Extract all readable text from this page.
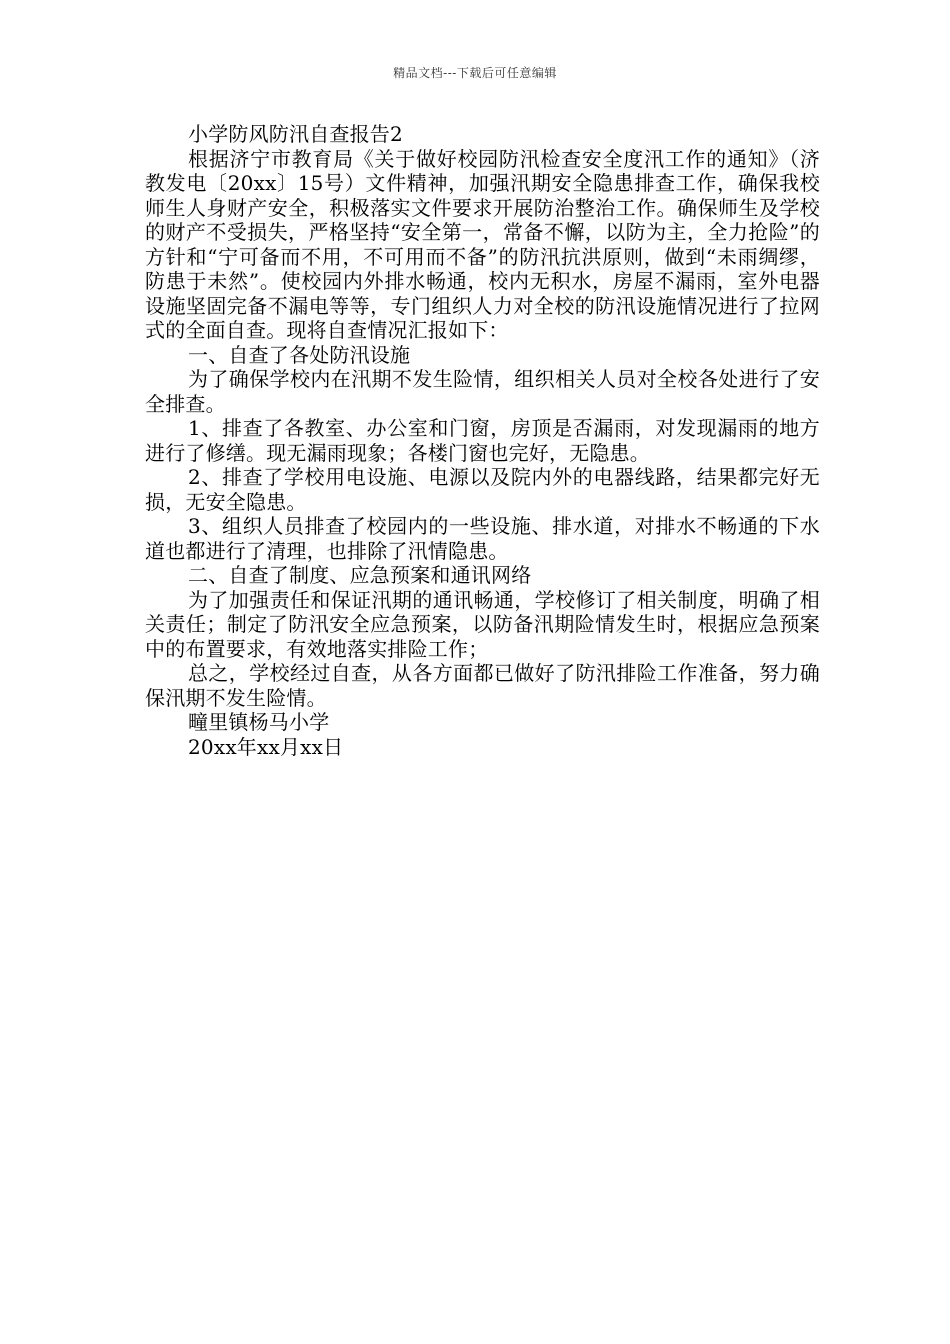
精品文档---下载后可任意编辑

小学防风防汛自查报告2

根据济宁市教育局《关于做好校园防汛检查安全度汛工作的通知》（济教发电〔20xx〕15号）文件精神，加强汛期安全隐患排查工作，确保我校师生人身财产安全，积极落实文件要求开展防治整治工作。确保师生及学校的财产不受损失，严格坚持“安全第一，常备不懈，以防为主，全力抢险”的方针和“宁可备而不用，不可用而不备”的防汛抗洪原则，做到“未雨绸缪，防患于未然”。使校园内外排水畅通，校内无积水，房屋不漏雨，室外电器设施坚固完备不漏电等等，专门组织人力对全校的防汛设施情况进行了拉网式的全面自查。现将自查情况汇报如下：

一、自查了各处防汛设施

为了确保学校内在汛期不发生险情，组织相关人员对全校各处进行了安全排查。

1、排查了各教室、办公室和门窗，房顶是否漏雨，对发现漏雨的地方进行了修缮。现无漏雨现象；各楼门窗也完好，无隐患。

2、排查了学校用电设施、电源以及院内外的电器线路，结果都完好无损，无安全隐患。

3、组织人员排查了校园内的一些设施、排水道，对排水不畅通的下水道也都进行了清理，也排除了汛情隐患。

二、自查了制度、应急预案和通讯网络

为了加强责任和保证汛期的通讯畅通，学校修订了相关制度，明确了相关责任；制定了防汛安全应急预案，以防备汛期险情发生时，根据应急预案中的布置要求，有效地落实排险工作；

总之，学校经过自查，从各方面都已做好了防汛排险工作准备，努力确保汛期不发生险情。

疃里镇杨马小学

20xx年xx月xx日
